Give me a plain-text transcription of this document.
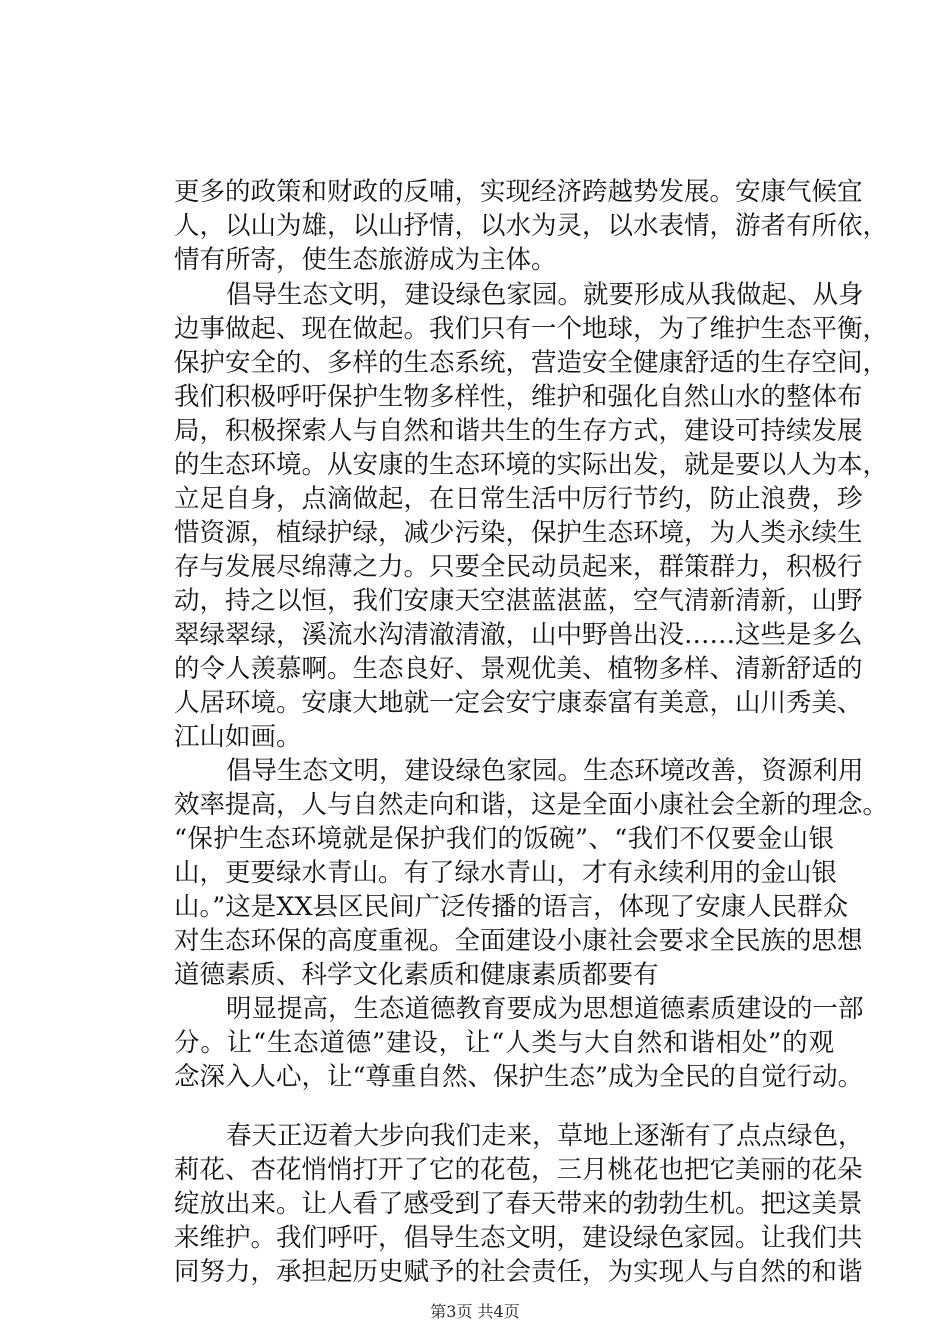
更多的政策和财政的反哺，实现经济跨越势发展。安康气候宜
人，以山为雄，以山抒情，以水为灵，以水表情，游者有所依，
情有所寄，使生态旅游成为主体。
倡导生态文明，建设绿色家园。就要形成从我做起、从身
边事做起、现在做起。我们只有一个地球，为了维护生态平衡，
保护安全的、多样的生态系统，营造安全健康舒适的生存空间，
我们积极呼吁保护生物多样性，维护和强化自然山水的整体布
局，积极探索人与自然和谐共生的生存方式，建设可持续发展
的生态环境。从安康的生态环境的实际出发，就是要以人为本，
立足自身，点滴做起，在日常生活中厉行节约，防止浪费，珍
惜资源，植绿护绿，减少污染，保护生态环境，为人类永续生
存与发展尽绵薄之力。只要全民动员起来，群策群力，积极行
动，持之以恒，我们安康天空湛蓝湛蓝，空气清新清新，山野
翠绿翠绿，溪流水沟清澈清澈，山中野兽出没……这些是多么
的令人羡慕啊。生态良好、景观优美、植物多样、清新舒适的
人居环境。安康大地就一定会安宁康泰富有美意，山川秀美、
江山如画。
倡导生态文明，建设绿色家园。生态环境改善，资源利用
效率提高，人与自然走向和谐，这是全面小康社会全新的理念。
“保护生态环境就是保护我们的饭碗”、“我们不仅要金山银
山，更要绿水青山。有了绿水青山，才有永续利用的金山银
山。”这是XX县区民间广泛传播的语言，体现了安康人民群众
对生态环保的高度重视。全面建设小康社会要求全民族的思想
道德素质、科学文化素质和健康素质都要有
明显提高，生态道德教育要成为思想道德素质建设的一部
分。让“生态道德”建设，让“人类与大自然和谐相处”的观
念深入人心，让“尊重自然、保护生态”成为全民的自觉行动。
春天正迈着大步向我们走来，草地上逐渐有了点点绿色，
莉花、杏花悄悄打开了它的花苞，三月桃花也把它美丽的花朵
绽放出来。让人看了感受到了春天带来的勃勃生机。把这美景
来维护。我们呼吁，倡导生态文明，建设绿色家园。让我们共
同努力，承担起历史赋予的社会责任，为实现人与自然的和谐
第3页 共4页
